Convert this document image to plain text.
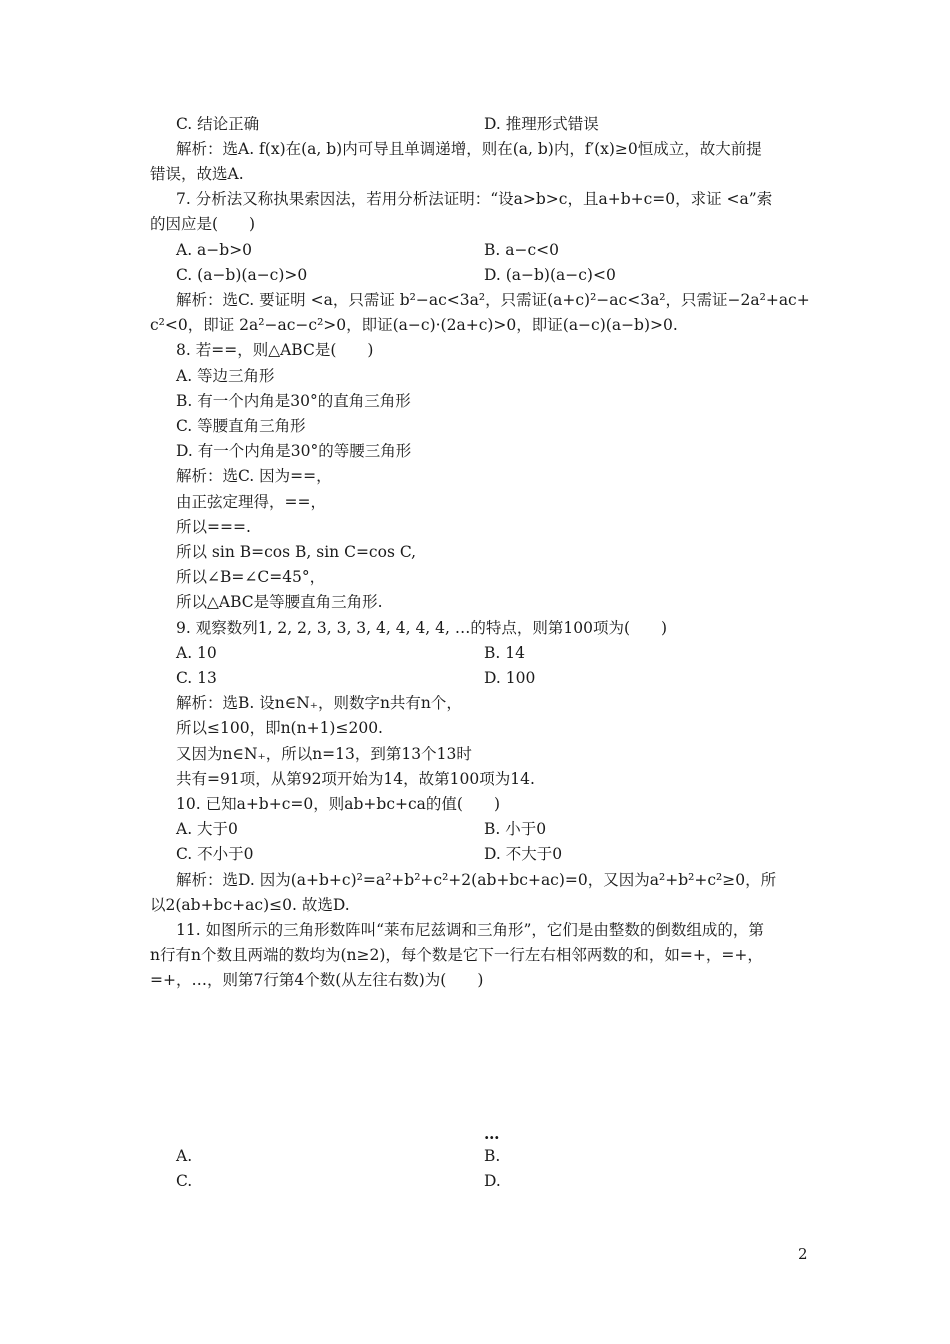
C. 结论正确	D. 推理形式错误
解析：选A. f(x)在(a, b)内可导且单调递增，则在(a, b)内，f′(x)≥0恒成立，故大前提
错误，故选A.
7. 分析法又称执果索因法，若用分析法证明：“设a>b>c，且a+b+c=0，求证 <a”索
的因应是(　　)
A. a−b>0	B. a−c<0
C. (a−b)(a−c)>0	D. (a−b)(a−c)<0
解析：选C. 要证明 <a，只需证 b²−ac<3a²，只需证(a+c)²−ac<3a²，只需证−2a²+ac+
c²<0，即证 2a²−ac−c²>0，即证(a−c)·(2a+c)>0，即证(a−c)(a−b)>0.
8. 若==，则△ABC是(　　)
A. 等边三角形
B. 有一个内角是30°的直角三角形
C. 等腰直角三角形
D. 有一个内角是30°的等腰三角形
解析：选C. 因为==，
由正弦定理得，==，
所以===.
所以 sin B=cos B, sin C=cos C,
所以∠B=∠C=45°，
所以△ABC是等腰直角三角形.
9. 观察数列1, 2, 2, 3, 3, 3, 4, 4, 4, 4, …的特点，则第100项为(　　)
A. 10	B. 14
C. 13	D. 100
解析：选B. 设n∈N₊，则数字n共有n个，
所以≤100，即n(n+1)≤200.
又因为n∈N₊，所以n=13，到第13个13时
共有=91项，从第92项开始为14，故第100项为14.
10. 已知a+b+c=0，则ab+bc+ca的值(　　)
A. 大于0	B. 小于0
C. 不小于0	D. 不大于0
解析：选D. 因为(a+b+c)²=a²+b²+c²+2(ab+bc+ac)=0，又因为a²+b²+c²≥0，所
以2(ab+bc+ac)≤0. 故选D.
11. 如图所示的三角形数阵叫“莱布尼兹调和三角形”，它们是由整数的倒数组成的，第
n行有n个数且两端的数均为(n≥2)，每个数是它下一行左右相邻两数的和，如=+，=+，
=+，…，则第7行第4个数(从左往右数)为(　　)
A.	B.
C.	D.
…
2
